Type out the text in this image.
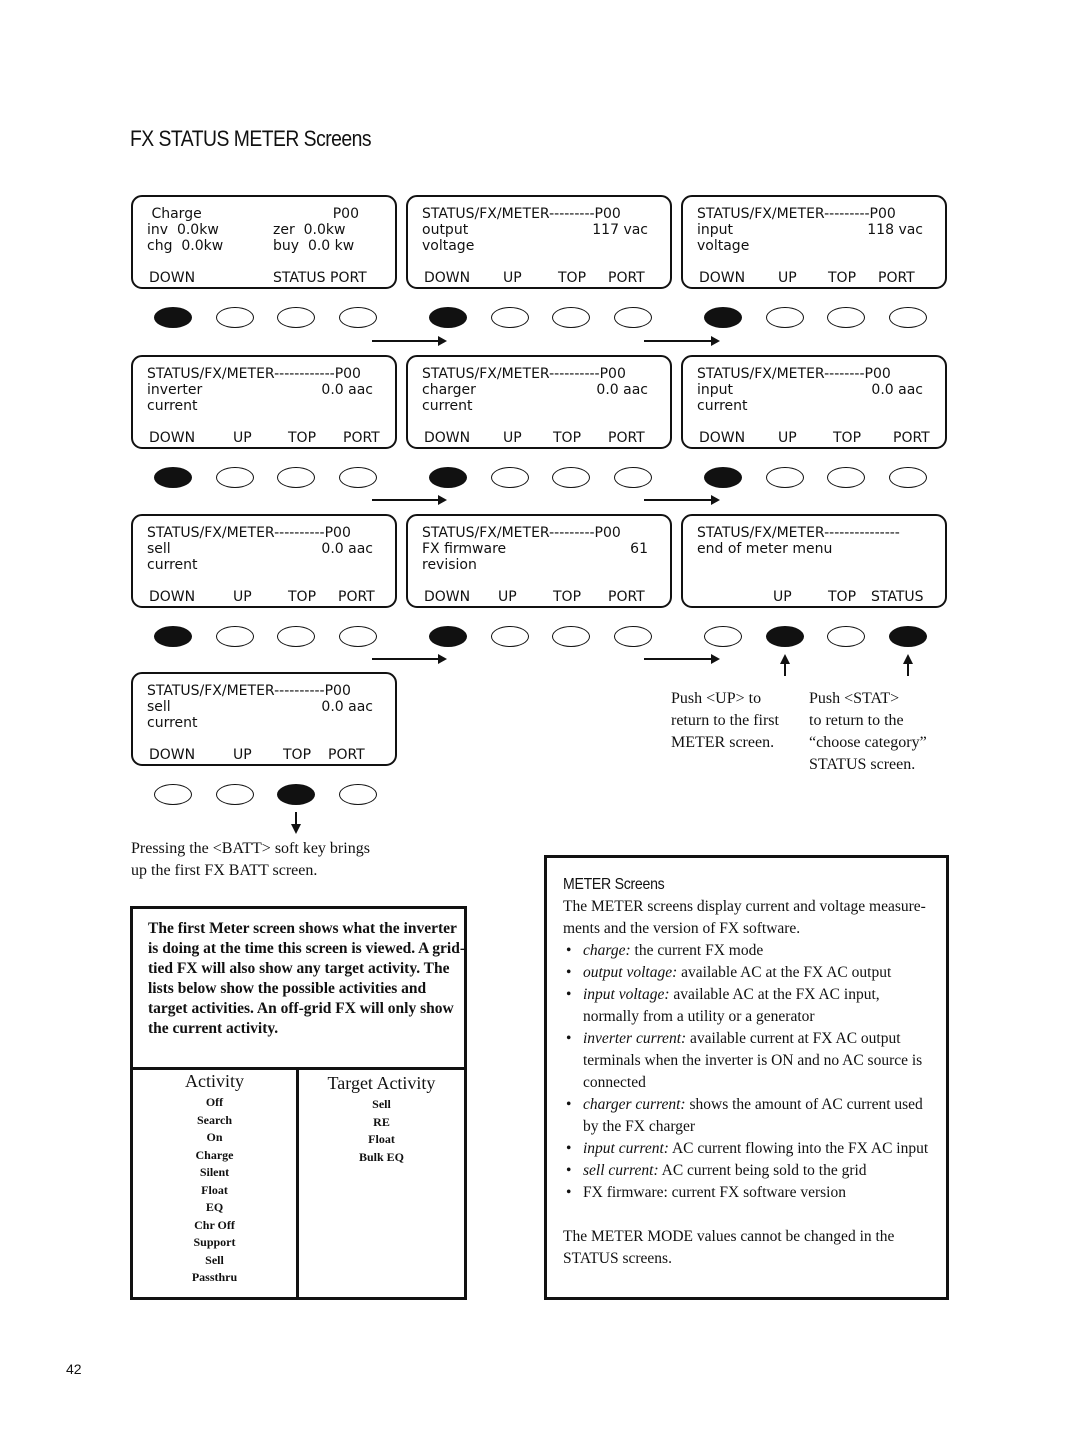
FX STATUS METER Screens
Charge	P00
inv  0.0kw	zer  0.0kw
chg  0.0kw	buy  0.0 kw
DOWN	STATUS PORT
STATUS/FX/METER---------P00
output	117 vac
voltage
DOWN UP	TOP PORT
STATUS/FX/METER---------P00
input	118 vac
voltage
DOWN UP TOP PORT
STATUS/FX/METER------------P00
inverter	0.0 aac
current
DOWN	UP	TOP PORT
STATUS/FX/METER----------P00
charger	0.0 aac
current
DOWN UP TOP PORT
STATUS/FX/METER--------P00
input	0.0 aac
current
DOWN UP	TOP PORT
STATUS/FX/METER----------P00
sell	0.0 aac
current
DOWN	UP	TOP PORT
STATUS/FX/METER---------P00
FX firmware	61
revision
DOWN UP	TOP PORT
STATUS/FX/METER---------------
end of meter menu
UP	TOP STATUS
STATUS/FX/METER----------P00
sell	0.0 aac
current
DOWN	UP TOP PORT
Push <UP> to
return to the first
METER screen.
Push <STAT>
to return to the
“choose category”
STATUS screen.
Pressing the <BATT> soft key brings
up the first FX BATT screen.
The first Meter screen shows what the inverter is doing at the time this screen is viewed. A grid-tied FX will also show any target activity. The lists below show the possible activities and target activities. An off-grid FX will only show the current activity.
Activity
Off
Search
On
Charge
Silent
Float
EQ
Chr Off
Support
Sell
Passthru
Target Activity
Sell
RE
Float
Bulk EQ
METER Screens
The METER screens display current and voltage measure-ments and the version of FX software.
• charge: the current FX mode
• output voltage: available AC at the FX AC output
• input voltage: available AC at the FX AC input, normally from a utility or a generator
• inverter current: available current at FX AC output terminals when the inverter is ON and no AC source is connected
• charger current: shows the amount of AC current used by the FX charger
• input current: AC current flowing into the FX AC input
• sell current: AC current being sold to the grid
• FX firmware: current FX software version
The METER MODE values cannot be changed in the STATUS screens.
42
